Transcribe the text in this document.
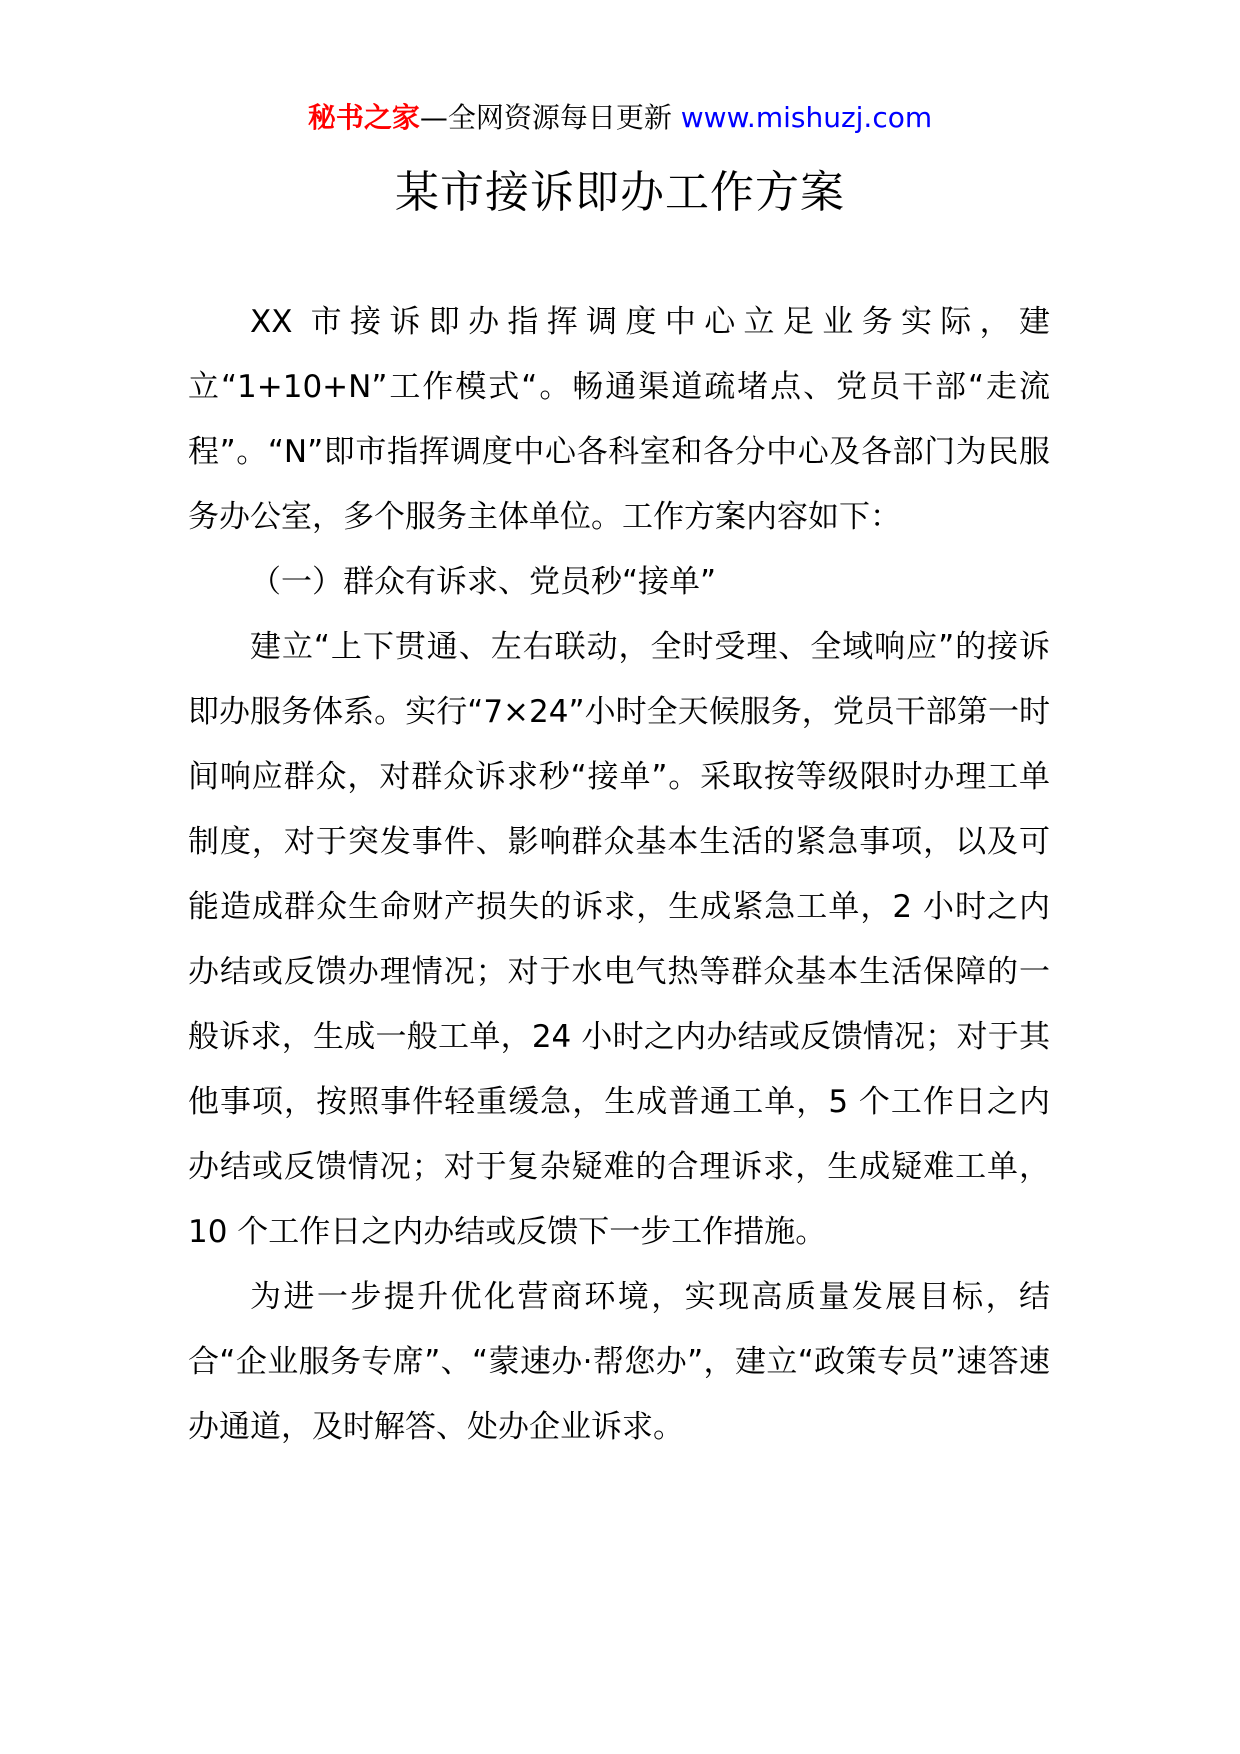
秘书之家—全网资源每日更新 www.mishuzj.com
某市接诉即办工作方案

XX 市接诉即办指挥调度中心立足业务实际，建立“1+10+N”工作模式“。畅通渠道疏堵点、党员干部“走流程”。“N”即市指挥调度中心各科室和各分中心及各部门为民服务办公室，多个服务主体单位。工作方案内容如下：

（一）群众有诉求、党员秒“接单”

建立“上下贯通、左右联动，全时受理、全域响应”的接诉即办服务体系。实行“7×24”小时全天候服务，党员干部第一时间响应群众，对群众诉求秒“接单”。采取按等级限时办理工单制度，对于突发事件、影响群众基本生活的紧急事项，以及可能造成群众生命财产损失的诉求，生成紧急工单，2 小时之内办结或反馈办理情况；对于水电气热等群众基本生活保障的一般诉求，生成一般工单，24 小时之内办结或反馈情况；对于其他事项，按照事件轻重缓急，生成普通工单，5 个工作日之内办结或反馈情况；对于复杂疑难的合理诉求，生成疑难工单，10 个工作日之内办结或反馈下一步工作措施。

为进一步提升优化营商环境，实现高质量发展目标，结合“企业服务专席”、“蒙速办·帮您办”，建立“政策专员”速答速办通道，及时解答、处办企业诉求。
